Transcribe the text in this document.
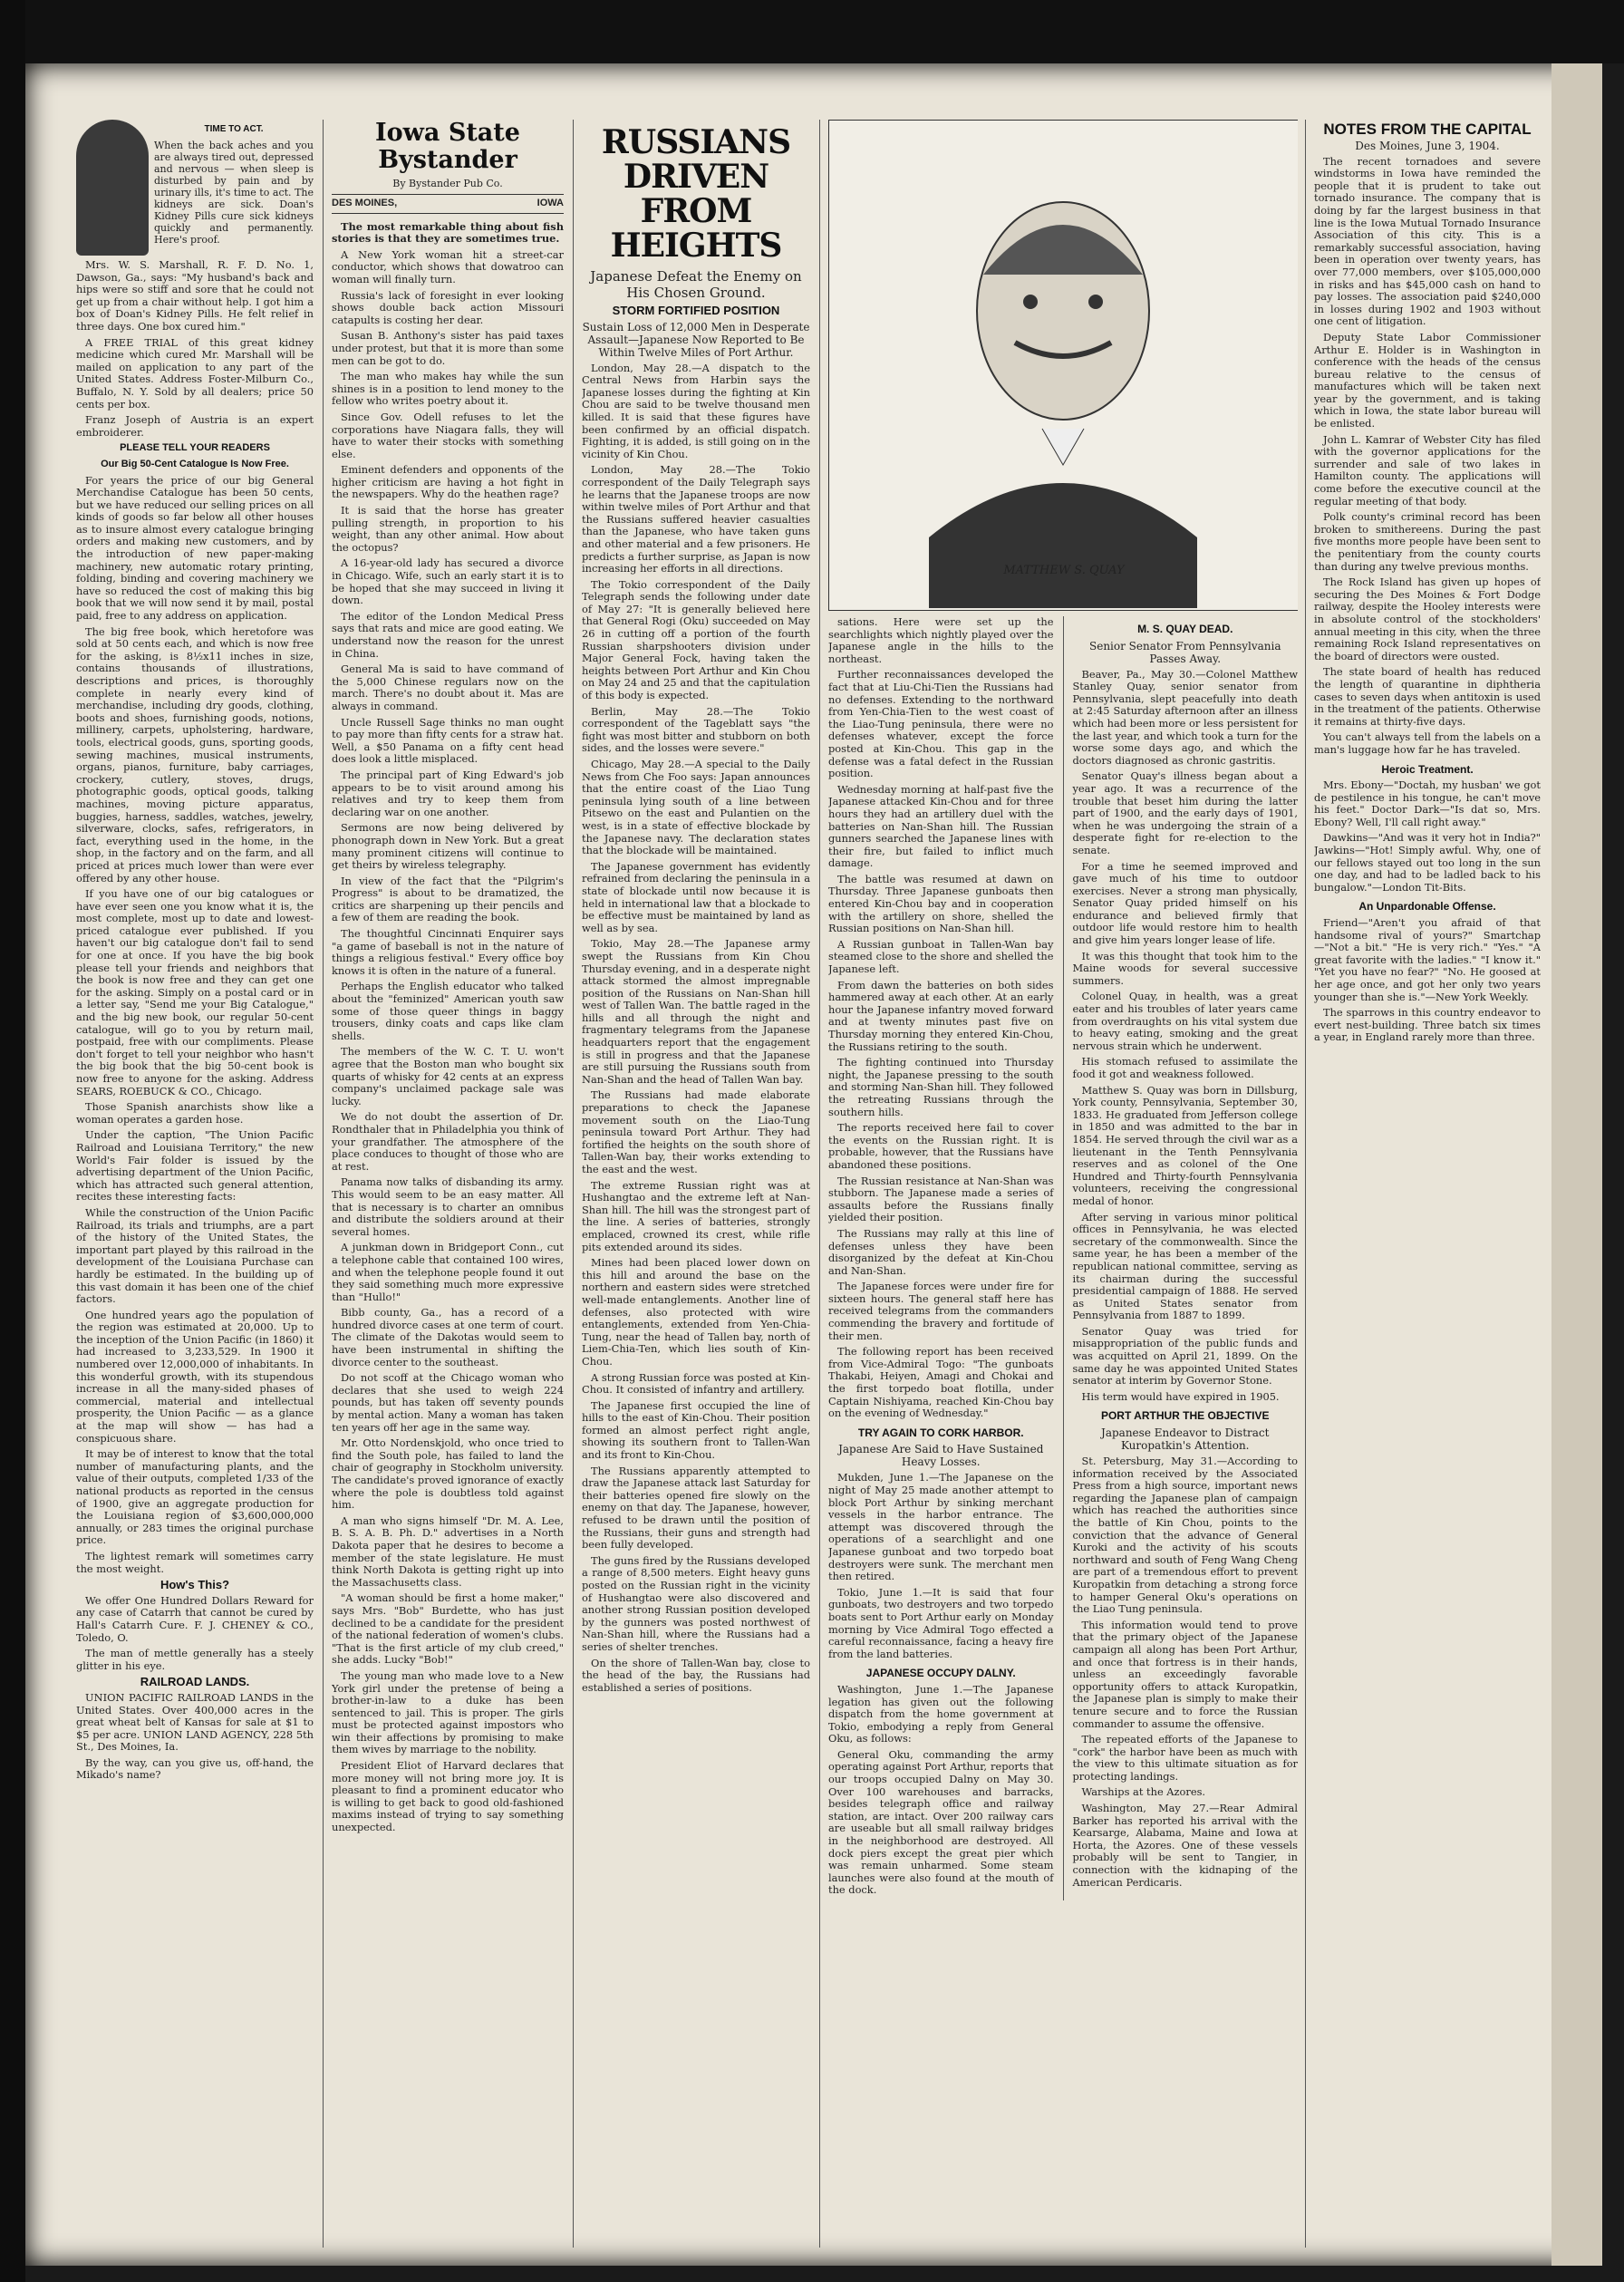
TIME TO ACT.
When the back aches and you are always tired out, depressed and nervous — when sleep is disturbed by pain and by urinary ills, it's time to act. The kidneys are sick. Doan's Kidney Pills cure sick kidneys quickly and permanently. Here's proof.

Mrs. W. S. Marshall, R. F. D. No. 1, Dawson, Ga., says: "My husband's back and hips were so stiff and sore that he could not get up from a chair without help. I got him a box of Doan's Kidney Pills. He felt relief in three days. One box cured him."

A FREE TRIAL of this great kidney medicine which cured Mr. Marshall will be mailed on application to any part of the United States. Address Foster-Milburn Co., Buffalo, N. Y. Sold by all dealers; price 50 cents per box.

Franz Joseph of Austria is an expert embroiderer.

PLEASE TELL YOUR READERS
Our Big 50-Cent Catalogue Is Now Free.

For years the price of our big General Merchandise Catalogue has been 50 cents, but we have reduced our selling prices on all kinds of goods so far below all other houses as to insure almost every catalogue bringing orders and making new customers, and by the introduction of new paper-making machinery, new automatic rotary printing, folding, binding and covering machinery we have so reduced the cost of making this big book that we will now send it by mail, postal paid, free to any address on application.

The big free book, which heretofore was sold at 50 cents each, and which is now free for the asking, is 8½x11 inches in size, contains thousands of illustrations, descriptions and prices, is thoroughly complete in nearly every kind of merchandise, including dry goods, clothing, boots and shoes, furnishing goods, notions, millinery, carpets, upholstering, hardware, tools, electrical goods, guns, sporting goods, sewing machines, musical instruments, organs, pianos, furniture, baby carriages, crockery, cutlery, stoves, drugs, photographic goods, optical goods, talking machines, moving picture apparatus, buggies, harness, saddles, watches, jewelry, silverware, clocks, safes, refrigerators, in fact, everything used in the home, in the shop, in the factory and on the farm, and all priced at prices much lower than were ever offered by any other house.

If you have one of our big catalogues or have ever seen one you know what it is, the most complete, most up to date and lowest-priced catalogue ever published. If you haven't our big catalogue don't fail to send for one at once. If you have the big book please tell your friends and neighbors that the book is now free and they can get one for the asking. Simply on a postal card or in a letter say, "Send me your Big Catalogue," and the big new book, our regular 50-cent catalogue, will go to you by return mail, postpaid, free with our compliments. Please don't forget to tell your neighbor who hasn't the big book that the big 50-cent book is now free to anyone for the asking. Address SEARS, ROEBUCK & CO., Chicago.

Those Spanish anarchists show like a woman operates a garden hose.

Under the caption, "The Union Pacific Railroad and Louisiana Territory," the new World's Fair folder is issued by the advertising department of the Union Pacific, which has attracted such general attention, recites these interesting facts:

While the construction of the Union Pacific Railroad, its trials and triumphs, are a part of the history of the United States, the important part played by this railroad in the development of the Louisiana Purchase can hardly be estimated. In the building up of this vast domain it has been one of the chief factors.

One hundred years ago the population of the region was estimated at 20,000. Up to the inception of the Union Pacific (in 1860) it had increased to 3,233,529. In 1900 it numbered over 12,000,000 of inhabitants. In this wonderful growth, with its stupendous increase in all the many-sided phases of commercial, material and intellectual prosperity, the Union Pacific — as a glance at the map will show — has had a conspicuous share.

It may be of interest to know that the total number of manufacturing plants, and the value of their outputs, completed 1/33 of the national products as reported in the census of 1900, give an aggregate production for the Louisiana region of $3,600,000,000 annually, or 283 times the original purchase price.

The lightest remark will sometimes carry the most weight.

How's This?

We offer One Hundred Dollars Reward for any case of Catarrh that cannot be cured by Hall's Catarrh Cure. F. J. CHENEY & CO., Toledo, O.

The man of mettle generally has a steely glitter in his eye.

RAILROAD LANDS.

UNION PACIFIC RAILROAD LANDS in the United States. Over 400,000 acres in the great wheat belt of Kansas for sale at $1 to $5 per acre. UNION LAND AGENCY, 228 5th St., Des Moines, Ia.

By the way, can you give us, off-hand, the Mikado's name?

Iowa State Bystander
By Bystander Pub Co.
DES MOINES,	IOWA

The most remarkable thing about fish stories is that they are sometimes true.

A New York woman hit a street-car conductor, which shows that dowatroo can woman will finally turn.

Russia's lack of foresight in ever looking shows double back action Missouri catapults is costing her dear.

Susan B. Anthony's sister has paid taxes under protest, but that it is more than some men can be got to do.

The man who makes hay while the sun shines is in a position to lend money to the fellow who writes poetry about it.

Since Gov. Odell refuses to let the corporations have Niagara falls, they will have to water their stocks with something else.

Eminent defenders and opponents of the higher criticism are having a hot fight in the newspapers. Why do the heathen rage?

It is said that the horse has greater pulling strength, in proportion to his weight, than any other animal. How about the octopus?

A 16-year-old lady has secured a divorce in Chicago. Wife, such an early start it is to be hoped that she may succeed in living it down.

The editor of the London Medical Press says that rats and mice are good eating. We understand now the reason for the unrest in China.

General Ma is said to have command of the 5,000 Chinese regulars now on the march. There's no doubt about it. Mas are always in command.

Uncle Russell Sage thinks no man ought to pay more than fifty cents for a straw hat. Well, a $50 Panama on a fifty cent head does look a little misplaced.

The principal part of King Edward's job appears to be to visit around among his relatives and try to keep them from declaring war on one another.

Sermons are now being delivered by phonograph down in New York. But a great many prominent citizens will continue to get theirs by wireless telegraphy.

In view of the fact that the "Pilgrim's Progress" is about to be dramatized, the critics are sharpening up their pencils and a few of them are reading the book.

The thoughtful Cincinnati Enquirer says "a game of baseball is not in the nature of things a religious festival." Every office boy knows it is often in the nature of a funeral.

Perhaps the English educator who talked about the "feminized" American youth saw some of those queer things in baggy trousers, dinky coats and caps like clam shells.

The members of the W. C. T. U. won't agree that the Boston man who bought six quarts of whisky for 42 cents at an express company's unclaimed package sale was lucky.

We do not doubt the assertion of Dr. Rondthaler that in Philadelphia you think of your grandfather. The atmosphere of the place conduces to thought of those who are at rest.

Panama now talks of disbanding its army. This would seem to be an easy matter. All that is necessary is to charter an omnibus and distribute the soldiers around at their several homes.

A junkman down in Bridgeport Conn., cut a telephone cable that contained 100 wires, and when the telephone people found it out they said something much more expressive than "Hullo!"

Bibb county, Ga., has a record of a hundred divorce cases at one term of court. The climate of the Dakotas would seem to have been instrumental in shifting the divorce center to the southeast.

Do not scoff at the Chicago woman who declares that she used to weigh 224 pounds, but has taken off seventy pounds by mental action. Many a woman has taken ten years off her age in the same way.

Mr. Otto Nordenskjold, who once tried to find the South pole, has failed to land the chair of geography in Stockholm university. The candidate's proved ignorance of exactly where the pole is doubtless told against him.

A man who signs himself "Dr. M. A. Lee, B. S. A. B. Ph. D." advertises in a North Dakota paper that he desires to become a member of the state legislature. He must think North Dakota is getting right up into the Massachusetts class.

"A woman should be first a home maker," says Mrs. "Bob" Burdette, who has just declined to be a candidate for the president of the national federation of women's clubs. "That is the first article of my club creed," she adds. Lucky "Bob!"

The young man who made love to a New York girl under the pretense of being a brother-in-law to a duke has been sentenced to jail. This is proper. The girls must be protected against impostors who win their affections by promising to make them wives by marriage to the nobility.

President Eliot of Harvard declares that more money will not bring more joy. It is pleasant to find a prominent educator who is willing to get back to good old-fashioned maxims instead of trying to say something unexpected.

RUSSIANS DRIVEN FROM HEIGHTS
Japanese Defeat the Enemy on His Chosen Ground.
STORM FORTIFIED POSITION
Sustain Loss of 12,000 Men in Desperate Assault—Japanese Now Reported to Be Within Twelve Miles of Port Arthur.

London, May 28.—A dispatch to the Central News from Harbin says the Japanese losses during the fighting at Kin Chou are said to be twelve thousand men killed. It is said that these figures have been confirmed by an official dispatch. Fighting, it is added, is still going on in the vicinity of Kin Chou.

London, May 28.—The Tokio correspondent of the Daily Telegraph says he learns that the Japanese troops are now within twelve miles of Port Arthur and that the Russians suffered heavier casualties than the Japanese, who have taken guns and other material and a few prisoners. He predicts a further surprise, as Japan is now increasing her efforts in all directions.

The Tokio correspondent of the Daily Telegraph sends the following under date of May 27: "It is generally believed here that General Rogi (Oku) succeeded on May 26 in cutting off a portion of the fourth Russian sharpshooters division under Major General Fock, having taken the heights between Port Arthur and Kin Chou on May 24 and 25 and that the capitulation of this body is expected.

Berlin, May 28.—The Tokio correspondent of the Tageblatt says "the fight was most bitter and stubborn on both sides, and the losses were severe."

Chicago, May 28.—A special to the Daily News from Che Foo says: Japan announces that the entire coast of the Liao Tung peninsula lying south of a line between Pitsewo on the east and Pulantien on the west, is in a state of effective blockade by the Japanese navy. The declaration states that the blockade will be maintained.

The Japanese government has evidently refrained from declaring the peninsula in a state of blockade until now because it is held in international law that a blockade to be effective must be maintained by land as well as by sea.

Tokio, May 28.—The Japanese army swept the Russians from Kin Chou Thursday evening, and in a desperate night attack stormed the almost impregnable position of the Russians on Nan-Shan hill west of Tallen Wan. The battle raged in the hills and all through the night and fragmentary telegrams from the Japanese headquarters report that the engagement is still in progress and that the Japanese are still pursuing the Russians south from Nan-Shan and the head of Tallen Wan bay.

The Russians had made elaborate preparations to check the Japanese movement south on the Liao-Tung peninsula toward Port Arthur. They had fortified the heights on the south shore of Tallen-Wan bay, their works extending to the east and the west.

The extreme Russian right was at Hushangtao and the extreme left at Nan-Shan hill. The hill was the strongest part of the line. A series of batteries, strongly emplaced, crowned its crest, while rifle pits extended around its sides.

Mines had been placed lower down on this hill and around the base on the northern and eastern sides were stretched well-made entanglements. Another line of defenses, also protected with wire entanglements, extended from Yen-Chia-Tung, near the head of Tallen bay, north of Liem-Chia-Ten, which lies south of Kin-Chou.

A strong Russian force was posted at Kin-Chou. It consisted of infantry and artillery.

The Japanese first occupied the line of hills to the east of Kin-Chou. Their position formed an almost perfect right angle, showing its southern front to Tallen-Wan and its front to Kin-Chou.

The Russians apparently attempted to draw the Japanese attack last Saturday for their batteries opened fire slowly on the enemy on that day. The Japanese, however, refused to be drawn until the position of the Russians, their guns and strength had been fully developed.

The guns fired by the Russians developed a range of 8,500 meters. Eight heavy guns posted on the Russian right in the vicinity of Hushangtao were also discovered and another strong Russian position developed by the gunners was posted northwest of Nan-Shan hill, where the Russians had a series of shelter trenches.

On the shore of Tallen-Wan bay, close to the head of the bay, the Russians had established a series of positions.

MATTHEW S. QUAY

sations. Here were set up the searchlights which nightly played over the Japanese angle in the hills to the northeast.

Further reconnaissances developed the fact that at Liu-Chi-Tien the Russians had no defenses. Extending to the northward from Yen-Chia-Tien to the west coast of the Liao-Tung peninsula, there were no defenses whatever, except the force posted at Kin-Chou. This gap in the defense was a fatal defect in the Russian position.

Wednesday morning at half-past five the Japanese attacked Kin-Chou and for three hours they had an artillery duel with the batteries on Nan-Shan hill. The Russian gunners searched the Japanese lines with their fire, but failed to inflict much damage.

The battle was resumed at dawn on Thursday. Three Japanese gunboats then entered Kin-Chou bay and in cooperation with the artillery on shore, shelled the Russian positions on Nan-Shan hill.

A Russian gunboat in Tallen-Wan bay steamed close to the shore and shelled the Japanese left.

From dawn the batteries on both sides hammered away at each other. At an early hour the Japanese infantry moved forward and at twenty minutes past five on Thursday morning they entered Kin-Chou, the Russians retiring to the south.

The fighting continued into Thursday night, the Japanese pressing to the south and storming Nan-Shan hill. They followed the retreating Russians through the southern hills.

The reports received here fail to cover the events on the Russian right. It is probable, however, that the Russians have abandoned these positions.

The Russian resistance at Nan-Shan was stubborn. The Japanese made a series of assaults before the Russians finally yielded their position.

The Russians may rally at this line of defenses unless they have been disorganized by the defeat at Kin-Chou and Nan-Shan.

The Japanese forces were under fire for sixteen hours. The general staff here has received telegrams from the commanders commending the bravery and fortitude of their men.

The following report has been received from Vice-Admiral Togo: "The gunboats Thakabi, Heiyen, Amagi and Chokai and the first torpedo boat flotilla, under Captain Nishiyama, reached Kin-Chou bay on the evening of Wednesday."

TRY AGAIN TO CORK HARBOR.
Japanese Are Said to Have Sustained Heavy Losses.

Mukden, June 1.—The Japanese on the night of May 25 made another attempt to block Port Arthur by sinking merchant vessels in the harbor entrance. The attempt was discovered through the operations of a searchlight and one Japanese gunboat and two torpedo boat destroyers were sunk. The merchant men then retired.

Tokio, June 1.—It is said that four gunboats, two destroyers and two torpedo boats sent to Port Arthur early on Monday morning by Vice Admiral Togo effected a careful reconnaissance, facing a heavy fire from the land batteries.

JAPANESE OCCUPY DALNY.

Washington, June 1.—The Japanese legation has given out the following dispatch from the home government at Tokio, embodying a reply from General Oku, as follows:

General Oku, commanding the army operating against Port Arthur, reports that our troops occupied Dalny on May 30. Over 100 warehouses and barracks, besides telegraph office and railway station, are intact. Over 200 railway cars are useable but all small railway bridges in the neighborhood are destroyed. All dock piers except the great pier which was remain unharmed. Some steam launches were also found at the mouth of the dock.

M. S. QUAY DEAD.
Senior Senator From Pennsylvania Passes Away.

Beaver, Pa., May 30.—Colonel Matthew Stanley Quay, senior senator from Pennsylvania, slept peacefully into death at 2:45 Saturday afternoon after an illness which had been more or less persistent for the last year, and which took a turn for the worse some days ago, and which the doctors diagnosed as chronic gastritis.

Senator Quay's illness began about a year ago. It was a recurrence of the trouble that beset him during the latter part of 1900, and the early days of 1901, when he was undergoing the strain of a desperate fight for re-election to the senate.

For a time he seemed improved and gave much of his time to outdoor exercises. Never a strong man physically, Senator Quay prided himself on his endurance and believed firmly that outdoor life would restore him to health and give him years longer lease of life.

It was this thought that took him to the Maine woods for several successive summers.

Colonel Quay, in health, was a great eater and his troubles of later years came from overdraughts on his vital system due to heavy eating, smoking and the great nervous strain which he underwent.

His stomach refused to assimilate the food it got and weakness followed.

Matthew S. Quay was born in Dillsburg, York county, Pennsylvania, September 30, 1833. He graduated from Jefferson college in 1850 and was admitted to the bar in 1854. He served through the civil war as a lieutenant in the Tenth Pennsylvania reserves and as colonel of the One Hundred and Thirty-fourth Pennsylvania volunteers, receiving the congressional medal of honor.

After serving in various minor political offices in Pennsylvania, he was elected secretary of the commonwealth. Since the same year, he has been a member of the republican national committee, serving as its chairman during the successful presidential campaign of 1888. He served as United States senator from Pennsylvania from 1887 to 1899.

Senator Quay was tried for misappropriation of the public funds and was acquitted on April 21, 1899. On the same day he was appointed United States senator at interim by Governor Stone.

His term would have expired in 1905.

PORT ARTHUR THE OBJECTIVE
Japanese Endeavor to Distract Kuropatkin's Attention.

St. Petersburg, May 31.—According to information received by the Associated Press from a high source, important news regarding the Japanese plan of campaign which has reached the authorities since the battle of Kin Chou, points to the conviction that the advance of General Kuroki and the activity of his scouts northward and south of Feng Wang Cheng are part of a tremendous effort to prevent Kuropatkin from detaching a strong force to hamper General Oku's operations on the Liao Tung peninsula.

This information would tend to prove that the primary object of the Japanese campaign all along has been Port Arthur, and once that fortress is in their hands, unless an exceedingly favorable opportunity offers to attack Kuropatkin, the Japanese plan is simply to make their tenure secure and to force the Russian commander to assume the offensive.

The repeated efforts of the Japanese to "cork" the harbor have been as much with the view to this ultimate situation as for protecting landings.

Warships at the Azores.

Washington, May 27.—Rear Admiral Barker has reported his arrival with the Kearsarge, Alabama, Maine and Iowa at Horta, the Azores. One of these vessels probably will be sent to Tangier, in connection with the kidnaping of the American Perdicaris.

NOTES FROM THE CAPITAL
Des Moines, June 3, 1904.

The recent tornadoes and severe windstorms in Iowa have reminded the people that it is prudent to take out tornado insurance. The company that is doing by far the largest business in that line is the Iowa Mutual Tornado Insurance Association of this city. This is a remarkably successful association, having been in operation over twenty years, has over 77,000 members, over $105,000,000 in risks and has $45,000 cash on hand to pay losses. The association paid $240,000 in losses during 1902 and 1903 without one cent of litigation.

Deputy State Labor Commissioner Arthur E. Holder is in Washington in conference with the heads of the census bureau relative to the census of manufactures which will be taken next year by the government, and is taking which in Iowa, the state labor bureau will be enlisted.

John L. Kamrar of Webster City has filed with the governor applications for the surrender and sale of two lakes in Hamilton county. The applications will come before the executive council at the regular meeting of that body.

Polk county's criminal record has been broken to smithereens. During the past five months more people have been sent to the penitentiary from the county courts than during any twelve previous months.

The Rock Island has given up hopes of securing the Des Moines & Fort Dodge railway, despite the Hooley interests were in absolute control of the stockholders' annual meeting in this city, when the three remaining Rock Island representatives on the board of directors were ousted.

The state board of health has reduced the length of quarantine in diphtheria cases to seven days when antitoxin is used in the treatment of the patients. Otherwise it remains at thirty-five days.

You can't always tell from the labels on a man's luggage how far he has traveled.

Heroic Treatment.

Mrs. Ebony—"Doctah, my husban' we got de pestilence in his tongue, he can't move his feet." Doctor Dark—"Is dat so, Mrs. Ebony? Well, I'll call right away."

Dawkins—"And was it very hot in India?" Jawkins—"Hot! Simply awful. Why, one of our fellows stayed out too long in the sun one day, and had to be ladled back to his bungalow."—London Tit-Bits.

An Unpardonable Offense.

Friend—"Aren't you afraid of that handsome rival of yours?" Smartchap—"Not a bit." "He is very rich." "Yes." "A great favorite with the ladies." "I know it." "Yet you have no fear?" "No. He goosed at her age once, and got her only two years younger than she is."—New York Weekly.

The sparrows in this country endeavor to evert nest-building. Three batch six times a year, in England rarely more than three.
